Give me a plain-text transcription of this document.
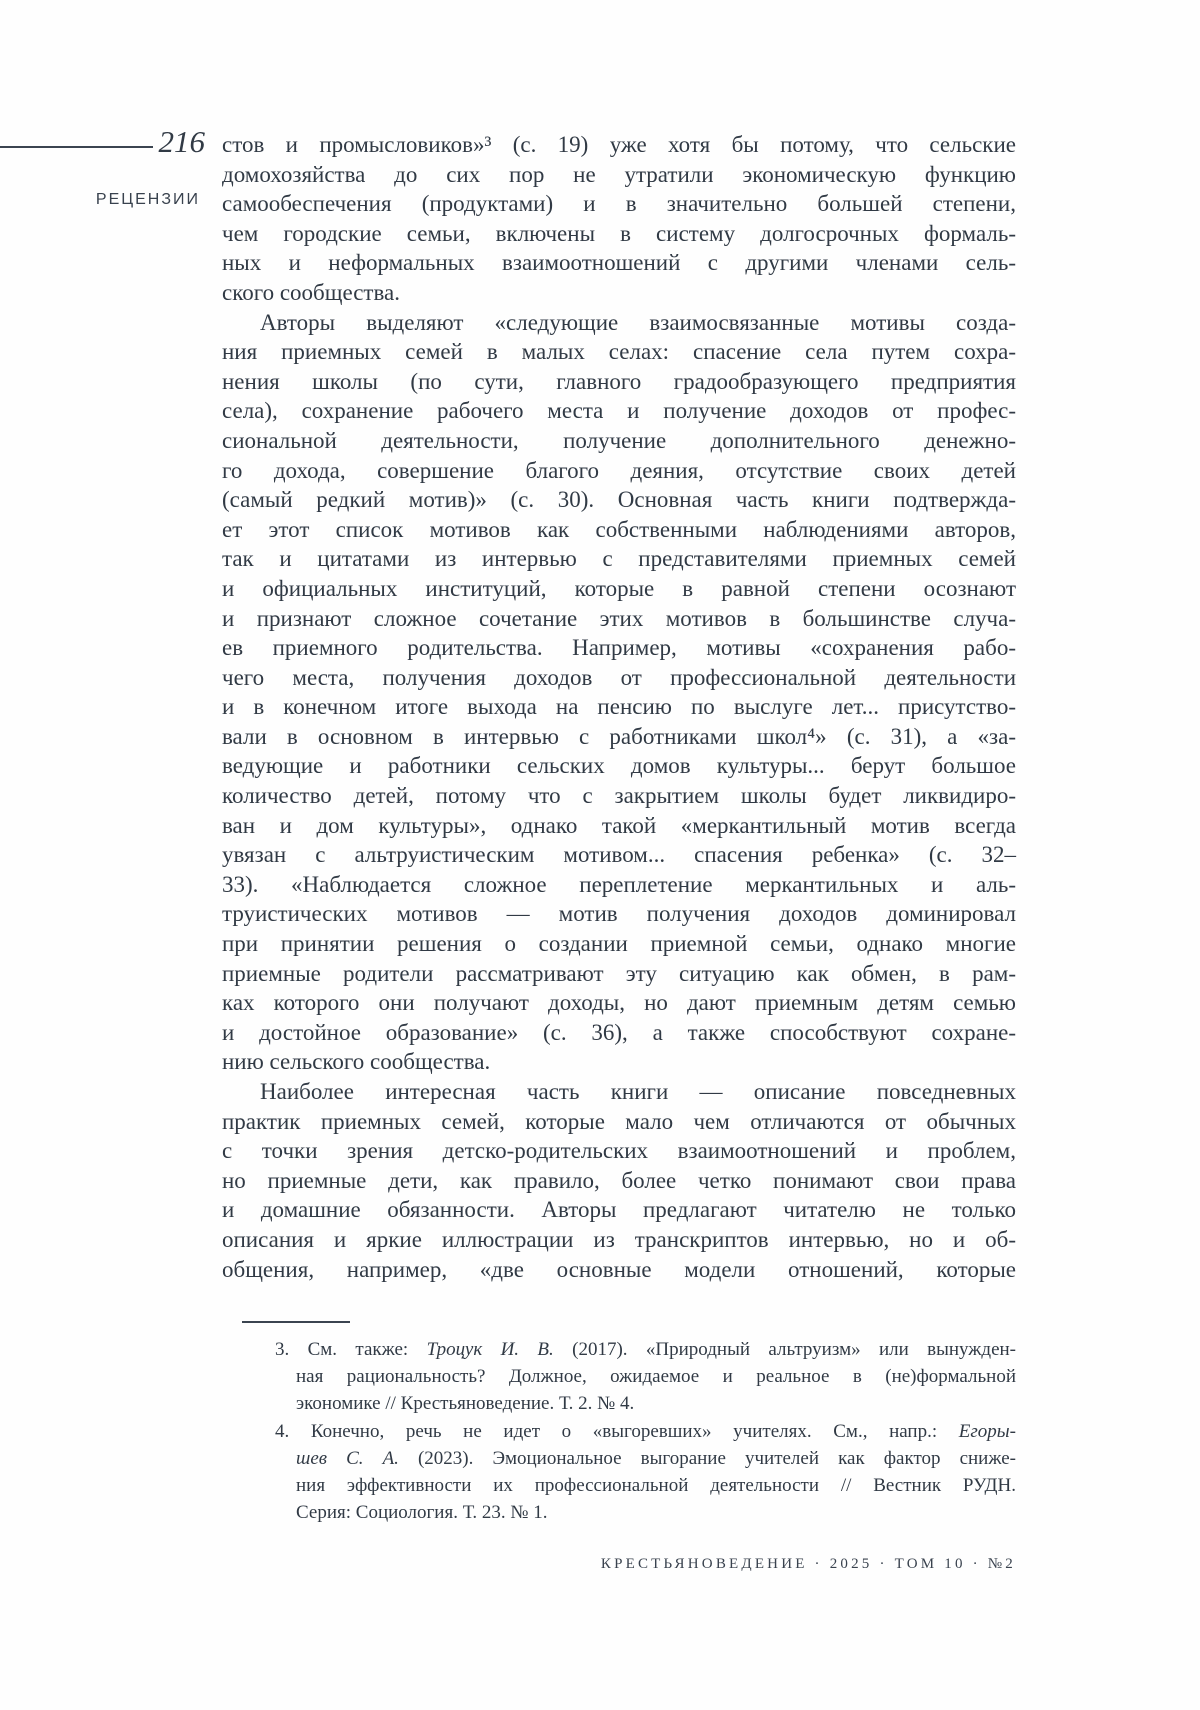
216
РЕЦЕНЗИИ
стов и промысловиков»³ (с. 19) уже хотя бы потому, что сельские
домохозяйства до сих пор не утратили экономическую функцию
самообеспечения (продуктами) и в значительно большей степени,
чем городские семьи, включены в систему долгосрочных формаль-
ных и неформальных взаимоотношений с другими членами сель-
ского сообщества.
Авторы выделяют «следующие взаимосвязанные мотивы созда-
ния приемных семей в малых селах: спасение села путем сохра-
нения школы (по сути, главного градообразующего предприятия
села), сохранение рабочего места и получение доходов от профес-
сиональной деятельности, получение дополнительного денежно-
го дохода, совершение благого деяния, отсутствие своих детей
(самый редкий мотив)» (с. 30). Основная часть книги подтвержда-
ет этот список мотивов как собственными наблюдениями авторов,
так и цитатами из интервью с представителями приемных семей
и официальных институций, которые в равной степени осознают
и признают сложное сочетание этих мотивов в большинстве случа-
ев приемного родительства. Например, мотивы «сохранения рабо-
чего места, получения доходов от профессиональной деятельности
и в конечном итоге выхода на пенсию по выслуге лет... присутство-
вали в основном в интервью с работниками школ⁴» (с. 31), а «за-
ведующие и работники сельских домов культуры... берут большое
количество детей, потому что с закрытием школы будет ликвидиро-
ван и дом культуры», однако такой «меркантильный мотив всегда
увязан с альтруистическим мотивом... спасения ребенка» (с. 32–
33). «Наблюдается сложное переплетение меркантильных и аль-
труистических мотивов — мотив получения доходов доминировал
при принятии решения о создании приемной семьи, однако многие
приемные родители рассматривают эту ситуацию как обмен, в рам-
ках которого они получают доходы, но дают приемным детям семью
и достойное образование» (с. 36), а также способствуют сохране-
нию сельского сообщества.
Наиболее интересная часть книги — описание повседневных
практик приемных семей, которые мало чем отличаются от обычных
с точки зрения детско-родительских взаимоотношений и проблем,
но приемные дети, как правило, более четко понимают свои права
и домашние обязанности. Авторы предлагают читателю не только
описания и яркие иллюстрации из транскриптов интервью, но и об-
общения, например, «две основные модели отношений, которые
3. См. также: Троцук И. В. (2017). «Природный альтруизм» или вынужден-
ная рациональность? Должное, ожидаемое и реальное в (не)формальной
экономике // Крестьяноведение. Т. 2. № 4.
4. Конечно, речь не идет о «выгоревших» учителях. См., напр.: Егоры-
шев С. А. (2023). Эмоциональное выгорание учителей как фактор сниже-
ния эффективности их профессиональной деятельности // Вестник РУДН.
Серия: Социология. Т. 23. № 1.
КРЕСТЬЯНОВЕДЕНИЕ · 2025 · ТОМ 10 · №2
